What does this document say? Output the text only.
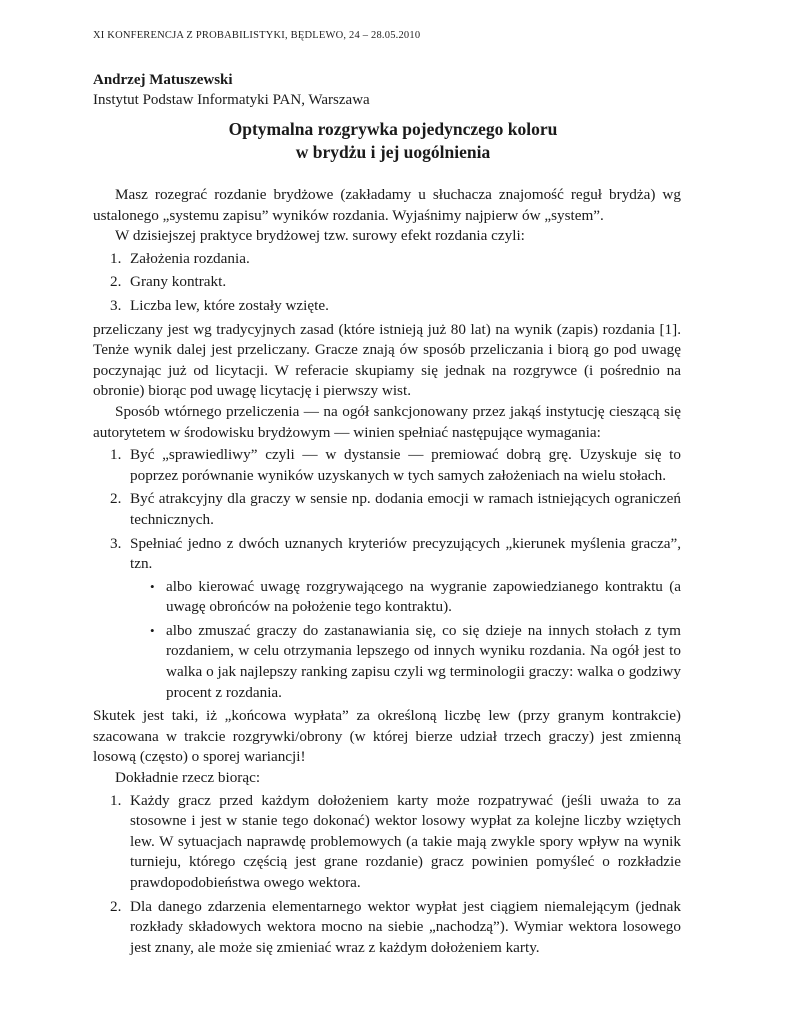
XI KONFERENCJA Z PROBABILISTYKI, BĘDLEWO, 24 – 28.05.2010
Andrzej Matuszewski
Instytut Podstaw Informatyki PAN, Warszawa
Optymalna rozgrywka pojedynczego koloru
w brydżu i jej uogólnienia

Masz rozegrać rozdanie brydżowe (zakładamy u słuchacza znajomość reguł brydża) wg ustalonego „systemu zapisu” wyników rozdania. Wyjaśnimy najpierw ów „system”.

W dzisiejszej praktyce brydżowej tzw. surowy efekt rozdania czyli:

1. Założenia rozdania.
2. Grany kontrakt.
3. Liczba lew, które zostały wzięte.

przeliczany jest wg tradycyjnych zasad (które istnieją już 80 lat) na wynik (zapis) rozdania [1]. Tenże wynik dalej jest przeliczany. Gracze znają ów sposób przeliczania i biorą go pod uwagę poczynając już od licytacji. W referacie skupiamy się jednak na rozgrywce (i pośrednio na obronie) biorąc pod uwagę licytację i pierwszy wist.

Sposób wtórnego przeliczenia — na ogół sankcjonowany przez jakąś instytucję cieszącą się autorytetem w środowisku brydżowym — winien spełniać następujące wymagania:

1. Być „sprawiedliwy” czyli — w dystansie — premiować dobrą grę. Uzyskuje się to poprzez porównanie wyników uzyskanych w tych samych założeniach na wielu stołach.
2. Być atrakcyjny dla graczy w sensie np. dodania emocji w ramach istniejących ograniczeń technicznych.
3. Spełniać jedno z dwóch uznanych kryteriów precyzujących „kierunek myślenia gracza”, tzn.
• albo kierować uwagę rozgrywającego na wygranie zapowiedzianego kontraktu (a uwagę obrońców na położenie tego kontraktu).
• albo zmuszać graczy do zastanawiania się, co się dzieje na innych stołach z tym rozdaniem, w celu otrzymania lepszego od innych wyniku rozdania. Na ogół jest to walka o jak najlepszy ranking zapisu czyli wg terminologii graczy: walka o godziwy procent z rozdania.

Skutek jest taki, iż „końcowa wypłata” za określoną liczbę lew (przy granym kontrakcie) szacowana w trakcie rozgrywki/obrony (w której bierze udział trzech graczy) jest zmienną losową (często) o sporej wariancji!

Dokładnie rzecz biorąc:

1. Każdy gracz przed każdym dołożeniem karty może rozpatrywać (jeśli uważa to za stosowne i jest w stanie tego dokonać) wektor losowy wypłat za kolejne liczby wziętych lew. W sytuacjach naprawdę problemowych (a takie mają zwykle spory wpływ na wynik turnieju, którego częścią jest grane rozdanie) gracz powinien pomyśleć o rozkładzie prawdopodobieństwa owego wektora.
2. Dla danego zdarzenia elementarnego wektor wypłat jest ciągiem niemalejącym (jednak rozkłady składowych wektora mocno na siebie „nachodzą”). Wymiar wektora losowego jest znany, ale może się zmieniać wraz z każdym dołożeniem karty.
